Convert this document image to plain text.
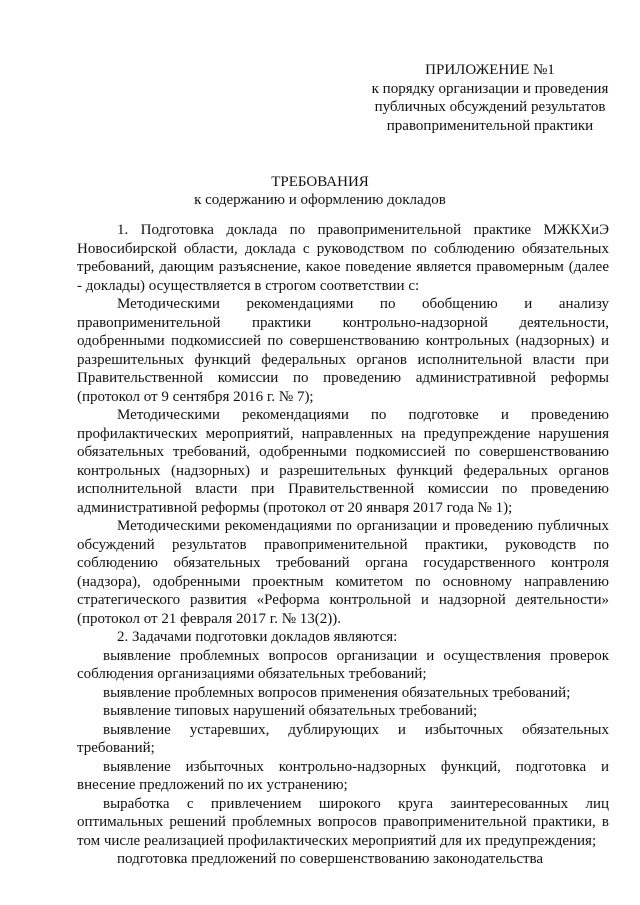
ПРИЛОЖЕНИЕ №1
к порядку организации и проведения
публичных обсуждений результатов
правоприменительной практики
ТРЕБОВАНИЯ
к содержанию и оформлению докладов

1. Подготовка доклада по правоприменительной практике МЖКХиЭ Новосибирской области, доклада с руководством по соблюдению обязательных требований, дающим разъяснение, какое поведение является правомерным (далее - доклады) осуществляется в строгом соответствии с:

Методическими рекомендациями по обобщению и анализу правоприменительной практики контрольно-надзорной деятельности, одобренными подкомиссией по совершенствованию контрольных (надзорных) и разрешительных функций федеральных органов исполнительной власти при Правительственной комиссии по проведению административной реформы (протокол от 9 сентября 2016 г. № 7);

Методическими рекомендациями по подготовке и проведению профилактических мероприятий, направленных на предупреждение нарушения обязательных требований, одобренными подкомиссией по совершенствованию контрольных (надзорных) и разрешительных функций федеральных органов исполнительной власти при Правительственной комиссии по проведению административной реформы (протокол от 20 января 2017 года № 1);

Методическими рекомендациями по организации и проведению публичных обсуждений результатов правоприменительной практики, руководств по соблюдению обязательных требований органа государственного контроля (надзора), одобренными проектным комитетом по основному направлению стратегического развития «Реформа контрольной и надзорной деятельности» (протокол от 21 февраля 2017 г. № 13(2)).

2. Задачами подготовки докладов являются:

выявление проблемных вопросов организации и осуществления проверок соблюдения организациями обязательных требований;

выявление проблемных вопросов применения обязательных требований;

выявление типовых нарушений обязательных требований;

выявление устаревших, дублирующих и избыточных обязательных требований;

выявление избыточных контрольно-надзорных функций, подготовка и внесение предложений по их устранению;

выработка с привлечением широкого круга заинтересованных лиц оптимальных решений проблемных вопросов правоприменительной практики, в том числе реализацией профилактических мероприятий для их предупреждения;

подготовка предложений по совершенствованию законодательства
